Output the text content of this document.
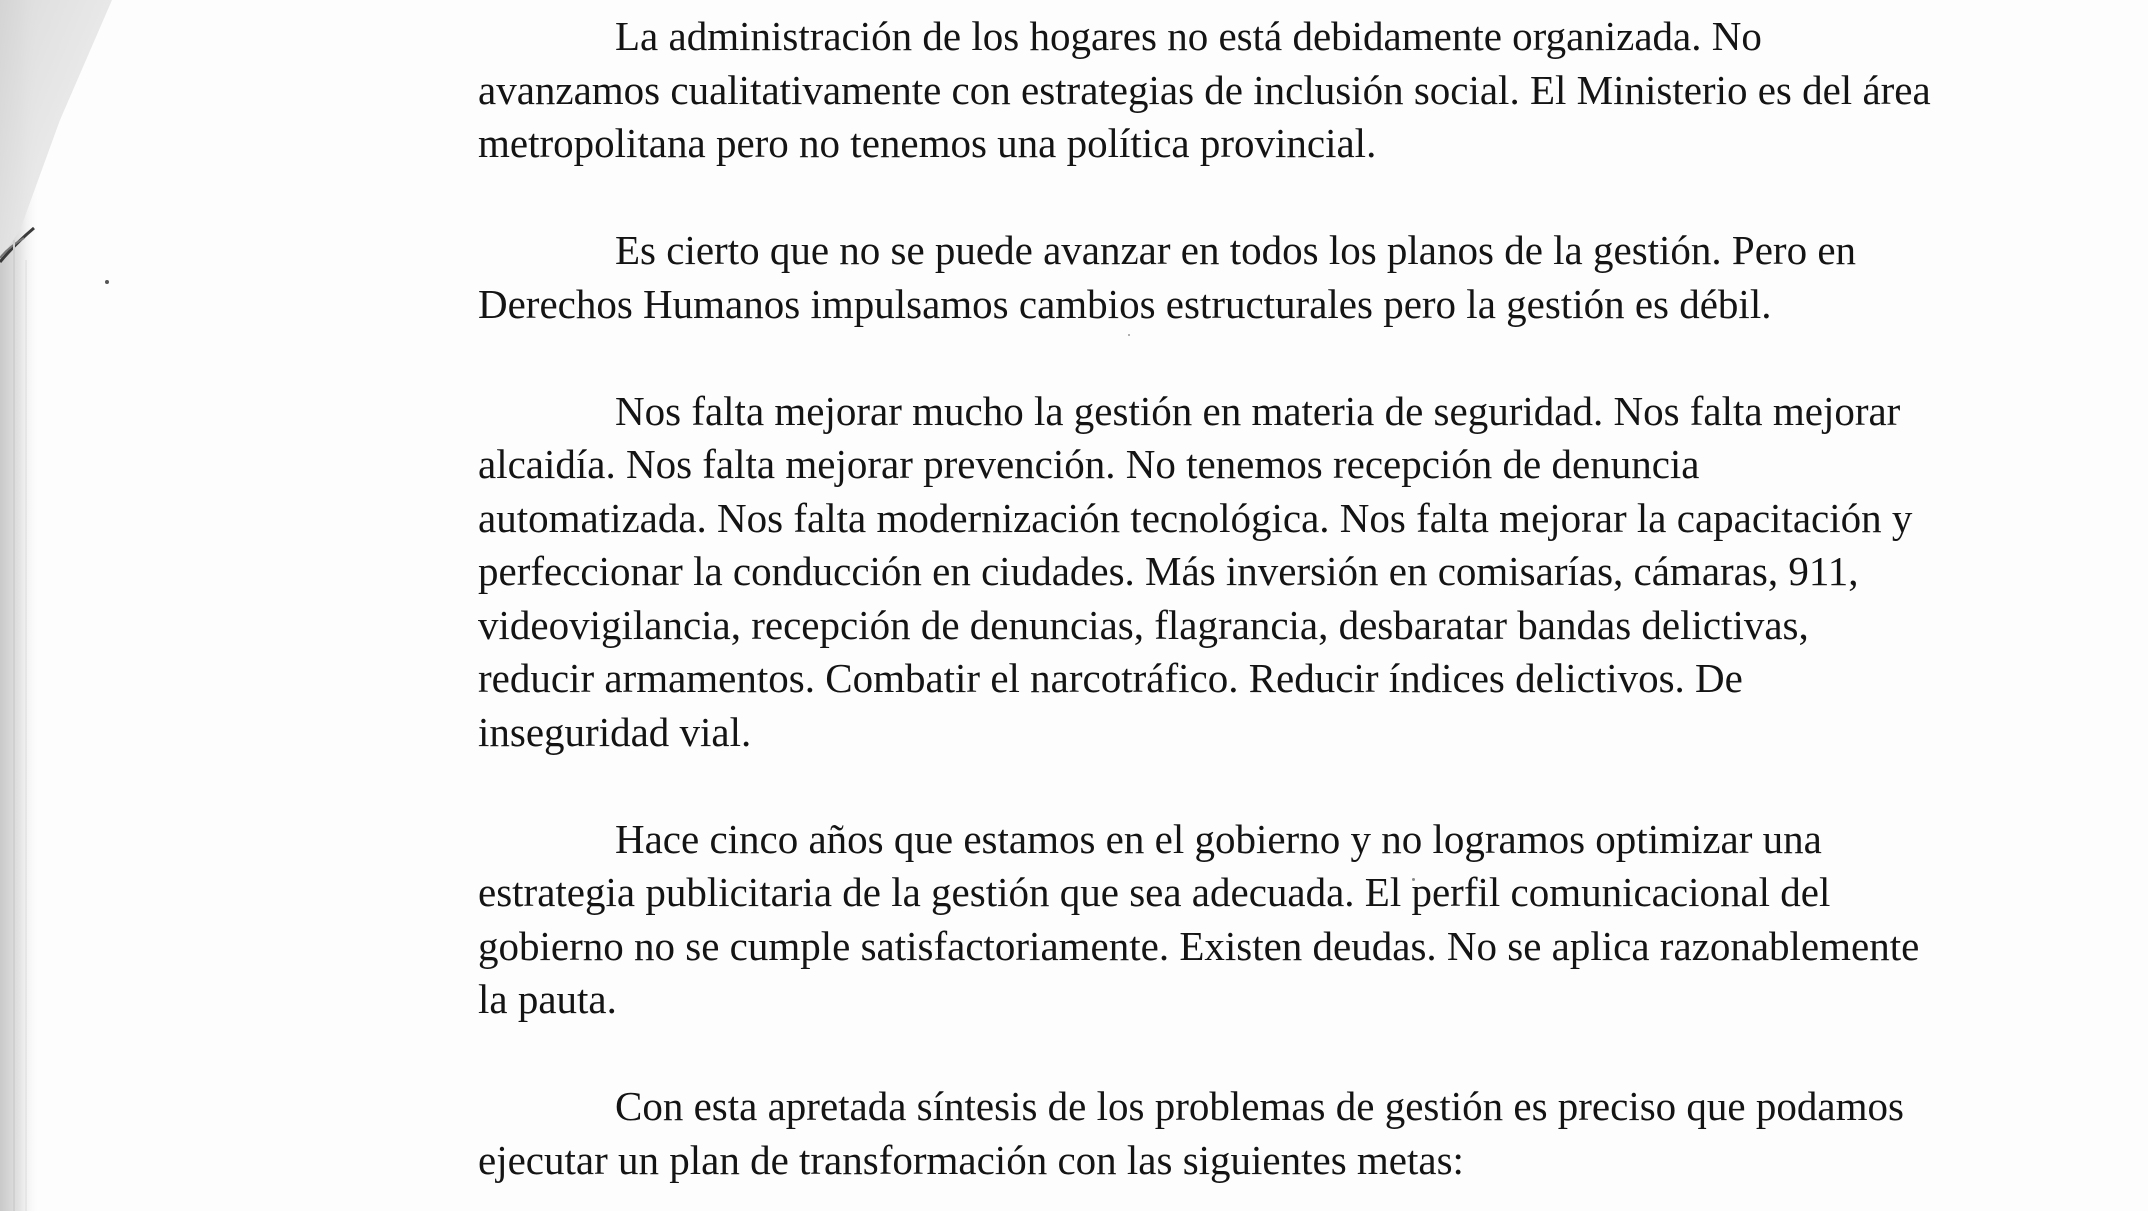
La administración de los hogares no está debidamente organizada. No
avanzamos cualitativamente con estrategias de inclusión social. El Ministerio es del área
metropolitana pero no tenemos una política provincial.
Es cierto que no se puede avanzar en todos los planos de la gestión. Pero en
Derechos Humanos impulsamos cambios estructurales pero la gestión es débil.
Nos falta mejorar mucho la gestión en materia de seguridad. Nos falta mejorar
alcaidía. Nos falta mejorar prevención. No tenemos recepción de denuncia
automatizada. Nos falta modernización tecnológica. Nos falta mejorar la capacitación y
perfeccionar la conducción en ciudades. Más inversión en comisarías, cámaras, 911,
videovigilancia, recepción de denuncias, flagrancia, desbaratar bandas delictivas,
reducir armamentos. Combatir el narcotráfico. Reducir índices delictivos. De
inseguridad vial.
Hace cinco años que estamos en el gobierno y no logramos optimizar una
estrategia publicitaria de la gestión que sea adecuada. El perfil comunicacional del
gobierno no se cumple satisfactoriamente. Existen deudas. No se aplica razonablemente
la pauta.
Con esta apretada síntesis de los problemas de gestión es preciso que podamos
ejecutar un plan de transformación con las siguientes metas:
